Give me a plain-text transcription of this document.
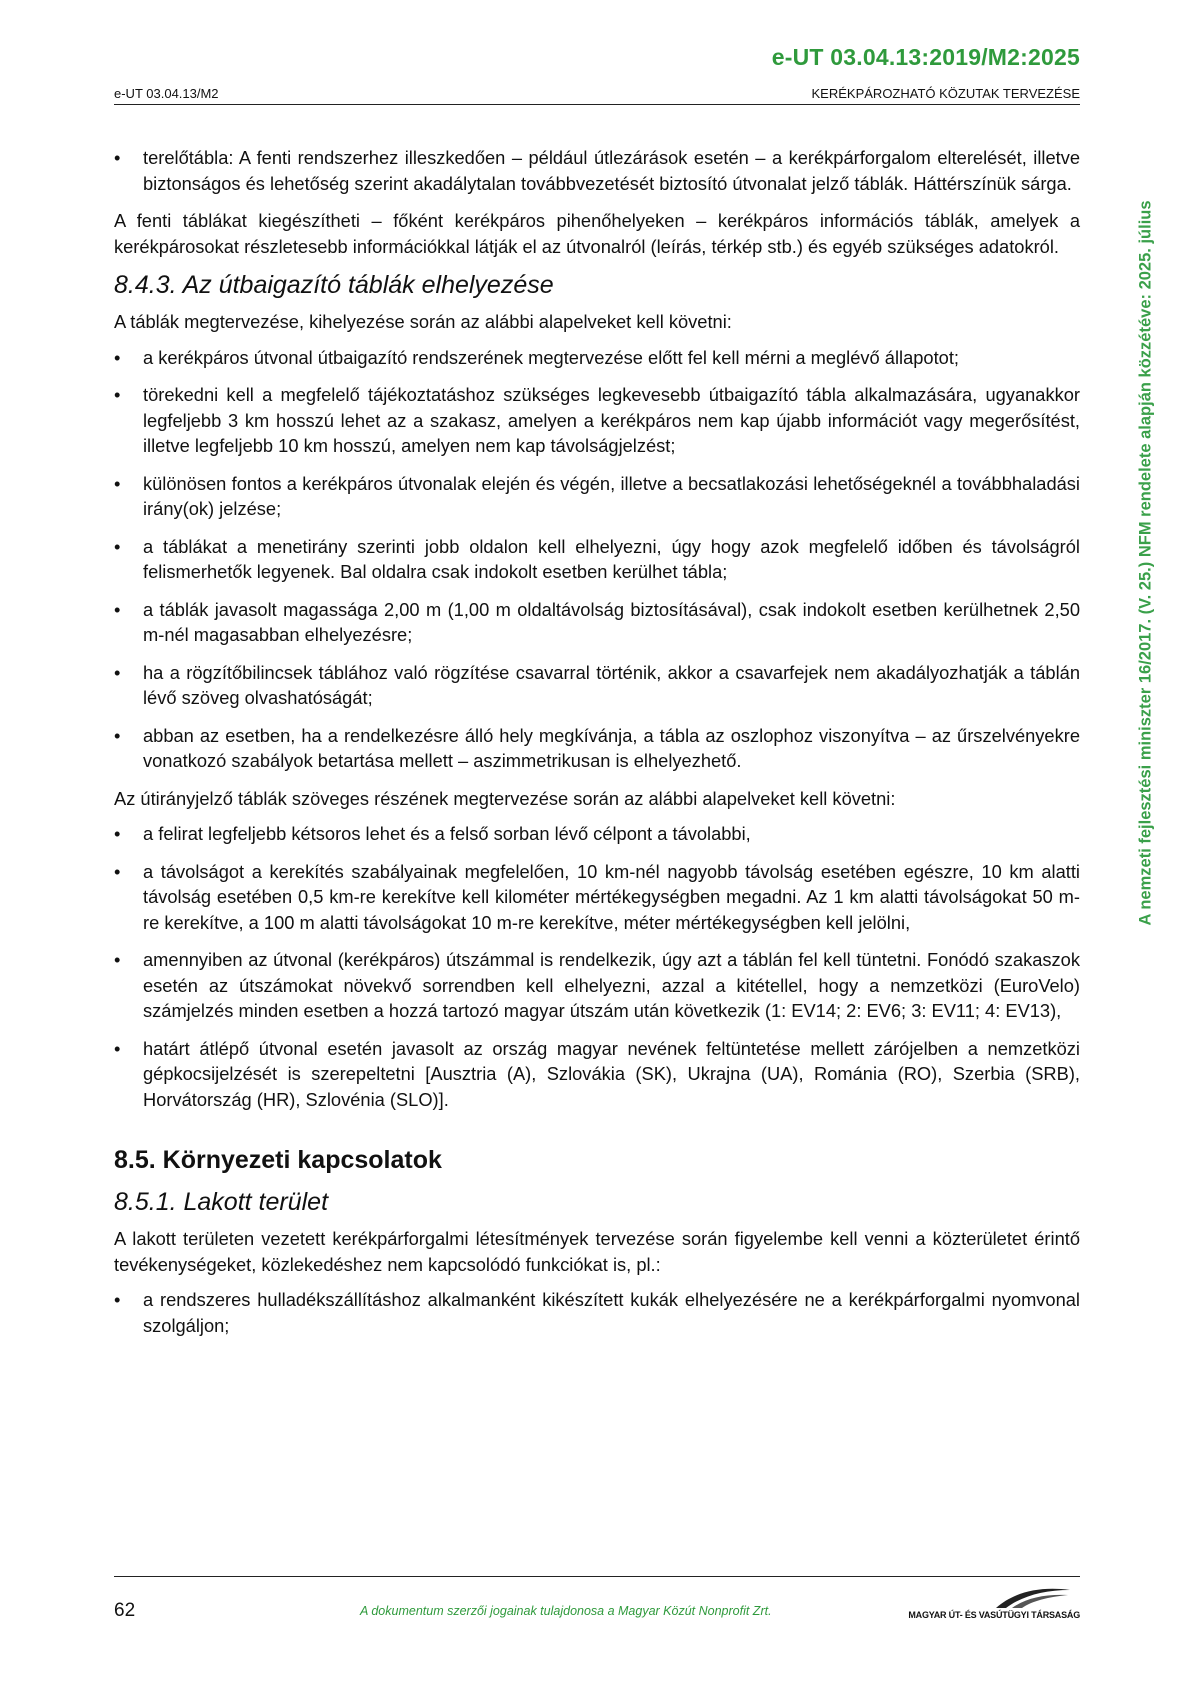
e-UT 03.04.13:2019/M2:2025
e-UT 03.04.13/M2	KERÉKPÁROZHATÓ KÖZUTAK TERVEZÉSE
A nemzeti fejlesztési miniszter 16/2017. (V. 25.) NFM rendelete alapján közzétéve: 2025. július
• terelőtábla: A fenti rendszerhez illeszkedően – például útlezárások esetén – a kerékpárforgalom elterelését, illetve biztonságos és lehetőség szerint akadálytalan továbbvezetését biztosító útvonalat jelző táblák. Háttérszínük sárga.

A fenti táblákat kiegészítheti – főként kerékpáros pihenőhelyeken – kerékpáros információs táblák, amelyek a kerékpárosokat részletesebb információkkal látják el az útvonalról (leírás, térkép stb.) és egyéb szükséges adatokról.

8.4.3. Az útbaigazító táblák elhelyezése

A táblák megtervezése, kihelyezése során az alábbi alapelveket kell követni:

• a kerékpáros útvonal útbaigazító rendszerének megtervezése előtt fel kell mérni a meglévő állapotot;
• törekedni kell a megfelelő tájékoztatáshoz szükséges legkevesebb útbaigazító tábla alkalmazására, ugyanakkor legfeljebb 3 km hosszú lehet az a szakasz, amelyen a kerékpáros nem kap újabb információt vagy megerősítést, illetve legfeljebb 10 km hosszú, amelyen nem kap távolságjelzést;
• különösen fontos a kerékpáros útvonalak elején és végén, illetve a becsatlakozási lehetőségeknél a továbbhaladási irány(ok) jelzése;
• a táblákat a menetirány szerinti jobb oldalon kell elhelyezni, úgy hogy azok megfelelő időben és távolságról felismerhetők legyenek. Bal oldalra csak indokolt esetben kerülhet tábla;
• a táblák javasolt magassága 2,00 m (1,00 m oldaltávolság biztosításával), csak indokolt esetben kerülhetnek 2,50 m-nél magasabban elhelyezésre;
• ha a rögzítőbilincsek táblához való rögzítése csavarral történik, akkor a csavarfejek nem akadályozhatják a táblán lévő szöveg olvashatóságát;
• abban az esetben, ha a rendelkezésre álló hely megkívánja, a tábla az oszlophoz viszonyítva – az űrszelvényekre vonatkozó szabályok betartása mellett – aszimmetrikusan is elhelyezhető.

Az útirányjelző táblák szöveges részének megtervezése során az alábbi alapelveket kell követni:

• a felirat legfeljebb kétsoros lehet és a felső sorban lévő célpont a távolabbi,
• a távolságot a kerekítés szabályainak megfelelően, 10 km-nél nagyobb távolság esetében egészre, 10 km alatti távolság esetében 0,5 km-re kerekítve kell kilométer mértékegységben megadni. Az 1 km alatti távolságokat 50 m-re kerekítve, a 100 m alatti távolságokat 10 m-re kerekítve, méter mértékegységben kell jelölni,
• amennyiben az útvonal (kerékpáros) útszámmal is rendelkezik, úgy azt a táblán fel kell tüntetni. Fonódó szakaszok esetén az útszámokat növekvő sorrendben kell elhelyezni, azzal a kitétellel, hogy a nemzetközi (EuroVelo) számjelzés minden esetben a hozzá tartozó magyar útszám után következik (1: EV14; 2: EV6; 3: EV11; 4: EV13),
• határt átlépő útvonal esetén javasolt az ország magyar nevének feltüntetése mellett zárójelben a nemzetközi gépkocsijelzését is szerepeltetni [Ausztria (A), Szlovákia (SK), Ukrajna (UA), Románia (RO), Szerbia (SRB), Horvátország (HR), Szlovénia (SLO)].
8.5. Környezeti kapcsolatok
8.5.1. Lakott terület

A lakott területen vezetett kerékpárforgalmi létesítmények tervezése során figyelembe kell venni a közterületet érintő tevékenységeket, közlekedéshez nem kapcsolódó funkciókat is, pl.:

• a rendszeres hulladékszállításhoz alkalmanként kikészített kukák elhelyezésére ne a kerékpárforgalmi nyomvonal szolgáljon;
62	A dokumentum szerzői jogainak tulajdonosa a Magyar Közút Nonprofit Zrt.	MAGYAR ÚT- ÉS VASÚTÜGYI TÁRSASÁG
